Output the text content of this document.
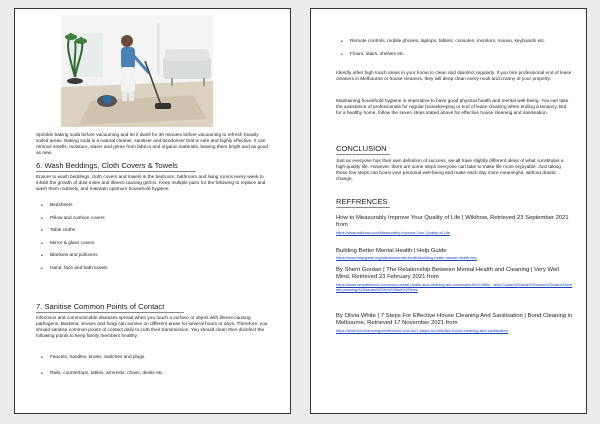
Sprinkle baking soda before vacuuming and let it dwell for 30 minutes before vacuuming to refresh heavily soiled areas. Baking soda is a natural cleaner, sanitiser and deodoriser that is safe and highly effective. It can remove smells, moisture, stains and grime from fabrics and organic materials, leaving them bright and as good as new.

6. Wash Beddings, Cloth Covers & Towels

Ensure to wash beddings, cloth covers and towels in the bedroom, bathroom and living rooms every week to inhibit the growth of dust mites and illness-causing germs. Keep multiple pairs for the following to replace and wash them routinely, and maintain optimum household hygiene.

• Bedsheets
• Pillow and cushion covers
• Table cloths
• Mirror & glass covers
• Blankets and pullovers
• Hand, face and bath towels
7. Sanitise Common Points of Contact

Infectious and communicable diseases spread when you touch a surface or object with illness-causing pathogens. Bacteria, viruses and fungi can survive on different areas for several hours or days. Therefore, you should sanitise common points of contact daily to curb their transmission. You should clean then disinfect the following points to keep family members healthy.

• Faucets, handles, knobs, switches and plugs.
• Rails, countertops, tables, armrests, chairs, desks etc.
• Remote controls, mobile phones, laptops, tablets, consoles, monitors, mouse, keyboards etc.
• Floors, stairs, shelves etc.

Identify other high touch areas in your home to clean and disinfect regularly. If you hire professional end of lease cleaners in Melbourne or house cleaners, they will deep clean every nook and cranny of your property.

Maintaining household hygiene is imperative to have good physical health and mental well-being. You can take the assistance of professionals for regular housekeeping or end of lease cleaning when ending a tenancy. But for a healthy home, follow the seven steps stated above for effective house cleaning and sanitisation.

CONCLUSION

Just as everyone has their own definition of success, we all have slightly different ideas of what constitutes a high-quality life. However, there are some steps everyone can take to make life more enjoyable. Just taking these few steps can boost your personal well-being and make each day more meaningful, without drastic change.

REFFRENCES

How to Measurably Improve Your Quality of Life | Wikihow, Retrieved 23 September 2021 from

https://www.wikihow.com/Measurably-Improve-Your-Quality-of-Life

Building Better Mental Health | Help Guide

https://www.helpguide.org/articles/mental-health/building-better-mental-health.htm

By Sherri Gordan | The Relationship Between Mental Health and Cleaning | Very Well Mind, Retrieved 23 February 2021 from

https://www.verywellmind.com/how-mental-health-and-cleaning-are-connected-5097496#:~:text=Clutter%20and%20mess%20can%20create,pressing%20issues%20in%20their%20lives

By Olivia White | 7 Steps For Effective House Cleaning And Sanitisation | Bond Cleaning in Melbourne, Retrieved 17 November 2021 from

https://www.bondcleaninginmelbourne.com.au/7-steps-for-effective-house-cleaning-and-sanitisation/
